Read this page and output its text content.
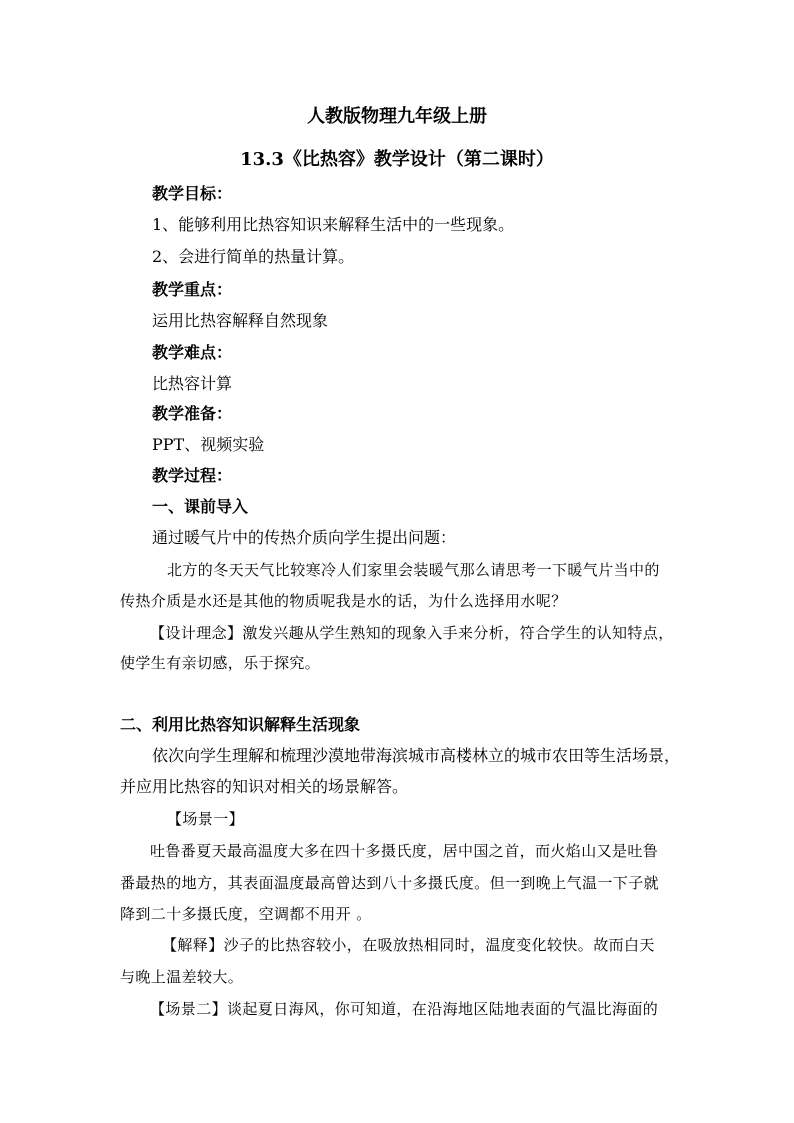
人教版物理九年级上册
13.3《比热容》教学设计（第二课时）
教学目标：
1、能够利用比热容知识来解释生活中的一些现象。
2、会进行简单的热量计算。
教学重点：
运用比热容解释自然现象
教学难点：
比热容计算
教学准备：
PPT、视频实验
教学过程：
一、课前导入
通过暖气片中的传热介质向学生提出问题：
北方的冬天天气比较寒冷人们家里会装暖气那么请思考一下暖气片当中的
传热介质是水还是其他的物质呢我是水的话，为什么选择用水呢？
【设计理念】激发兴趣从学生熟知的现象入手来分析，符合学生的认知特点，
使学生有亲切感，乐于探究。
二、利用比热容知识解释生活现象
依次向学生理解和梳理沙漠地带海滨城市高楼林立的城市农田等生活场景，
并应用比热容的知识对相关的场景解答。
【场景一】
吐鲁番夏天最高温度大多在四十多摄氏度，居中国之首，而火焰山又是吐鲁
番最热的地方，其表面温度最高曾达到八十多摄氏度。但一到晚上气温一下子就
降到二十多摄氏度，空调都不用开 。
【解释】沙子的比热容较小，在吸放热相同时，温度变化较快。故而白天
与晚上温差较大。
【场景二】谈起夏日海风，你可知道，在沿海地区陆地表面的气温比海面的
